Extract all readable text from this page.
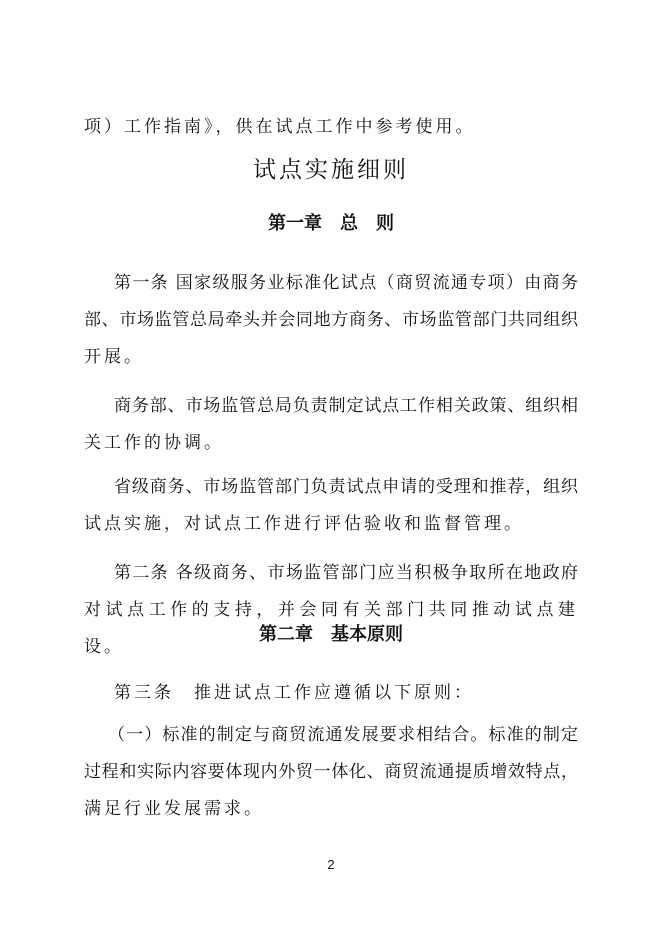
项）工作指南》，供在试点工作中参考使用。
试点实施细则
第一章　总　则
第一条 国家级服务业标准化试点（商贸流通专项）由商务
部、市场监管总局牵头并会同地方商务、市场监管部门共同组织
开展。
商务部、市场监管总局负责制定试点工作相关政策、组织相
关工作的协调。
省级商务、市场监管部门负责试点申请的受理和推荐，组织
试点实施，对试点工作进行评估验收和监督管理。
第二条 各级商务、市场监管部门应当积极争取所在地政府
对试点工作的支持，并会同有关部门共同推动试点建设。
第二章　基本原则
第三条　推进试点工作应遵循以下原则：
（一）标准的制定与商贸流通发展要求相结合。标准的制定
过程和实际内容要体现内外贸一体化、商贸流通提质增效特点，
满足行业发展需求。
2
